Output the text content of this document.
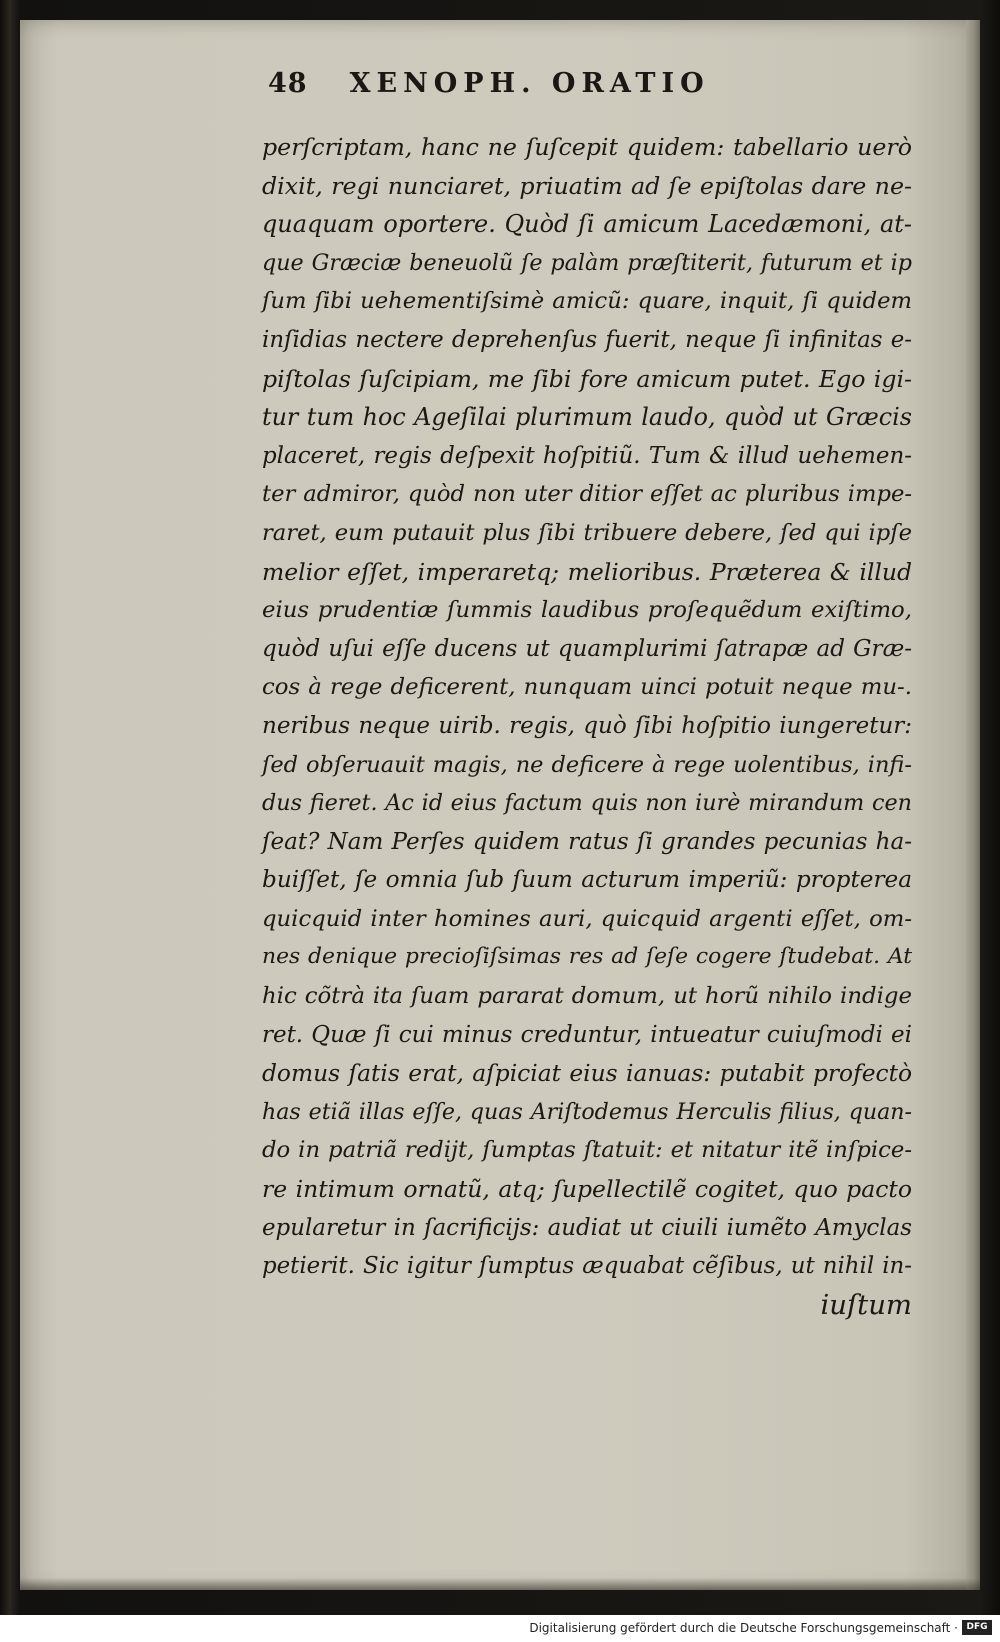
48 XENOPH. ORATIO
perſcriptam, hanc ne ſuſcepit quidem: tabellario uerò
dixit, regi nunciaret, priuatim ad ſe epiſtolas dare ne-
quaquam oportere. Quòd ſi amicum Lacedæmoni, at-
que Græciæ beneuolũ ſe palàm præſtiterit, futurum et ip
ſum ſibi uehementiſsimè amicũ: quare, inquit, ſi quidem
inſidias nectere deprehenſus fuerit, neque ſi infinitas e-
piſtolas ſuſcipiam, me ſibi fore amicum putet. Ego igi-
tur tum hoc Ageſilai plurimum laudo, quòd ut Græcis
placeret, regis deſpexit hoſpitiũ. Tum & illud uehemen-
ter admiror, quòd non uter ditior eſſet ac pluribus impe-
raret, eum putauit plus ſibi tribuere debere, ſed qui ipſe
melior eſſet, imperaretq; melioribus. Præterea & illud
eius prudentiæ ſummis laudibus proſequẽdum exiſtimo,
quòd uſui eſſe ducens ut quamplurimi ſatrapæ ad Græ-
cos à rege deficerent, nunquam uinci potuit neque mu-.
neribus neque uirib. regis, quò ſibi hoſpitio iungeretur:
ſed obſeruauit magis, ne deficere à rege uolentibus, infi-
dus fieret. Ac id eius factum quis non iurè mirandum cen
ſeat? Nam Perſes quidem ratus ſi grandes pecunias ha-
buiſſet, ſe omnia ſub ſuum acturum imperiũ: propterea
quicquid inter homines auri, quicquid argenti eſſet, om-
nes denique precioſiſsimas res ad ſeſe cogere ſtudebat. At
hic cõtrà ita ſuam pararat domum, ut horũ nihilo indige
ret. Quæ ſi cui minus creduntur, intueatur cuiuſmodi ei
domus ſatis erat, aſpiciat eius ianuas: putabit profectò
has etiã illas eſſe, quas Ariſtodemus Herculis filius, quan-
do in patriã rediјt, ſumptas ſtatuit: et nitatur itẽ inſpice-
re intimum ornatũ, atq; ſupellectilẽ cogitet, quo pacto
epularetur in ſacrificiјs: audiat ut ciuili iumẽto Amyclas
petierit. Sic igitur ſumptus æquabat cẽſibus, ut nihil in-
iuſtum
Digitalisierung gefördert durch die Deutsche Forschungsgemeinschaft · DFG
